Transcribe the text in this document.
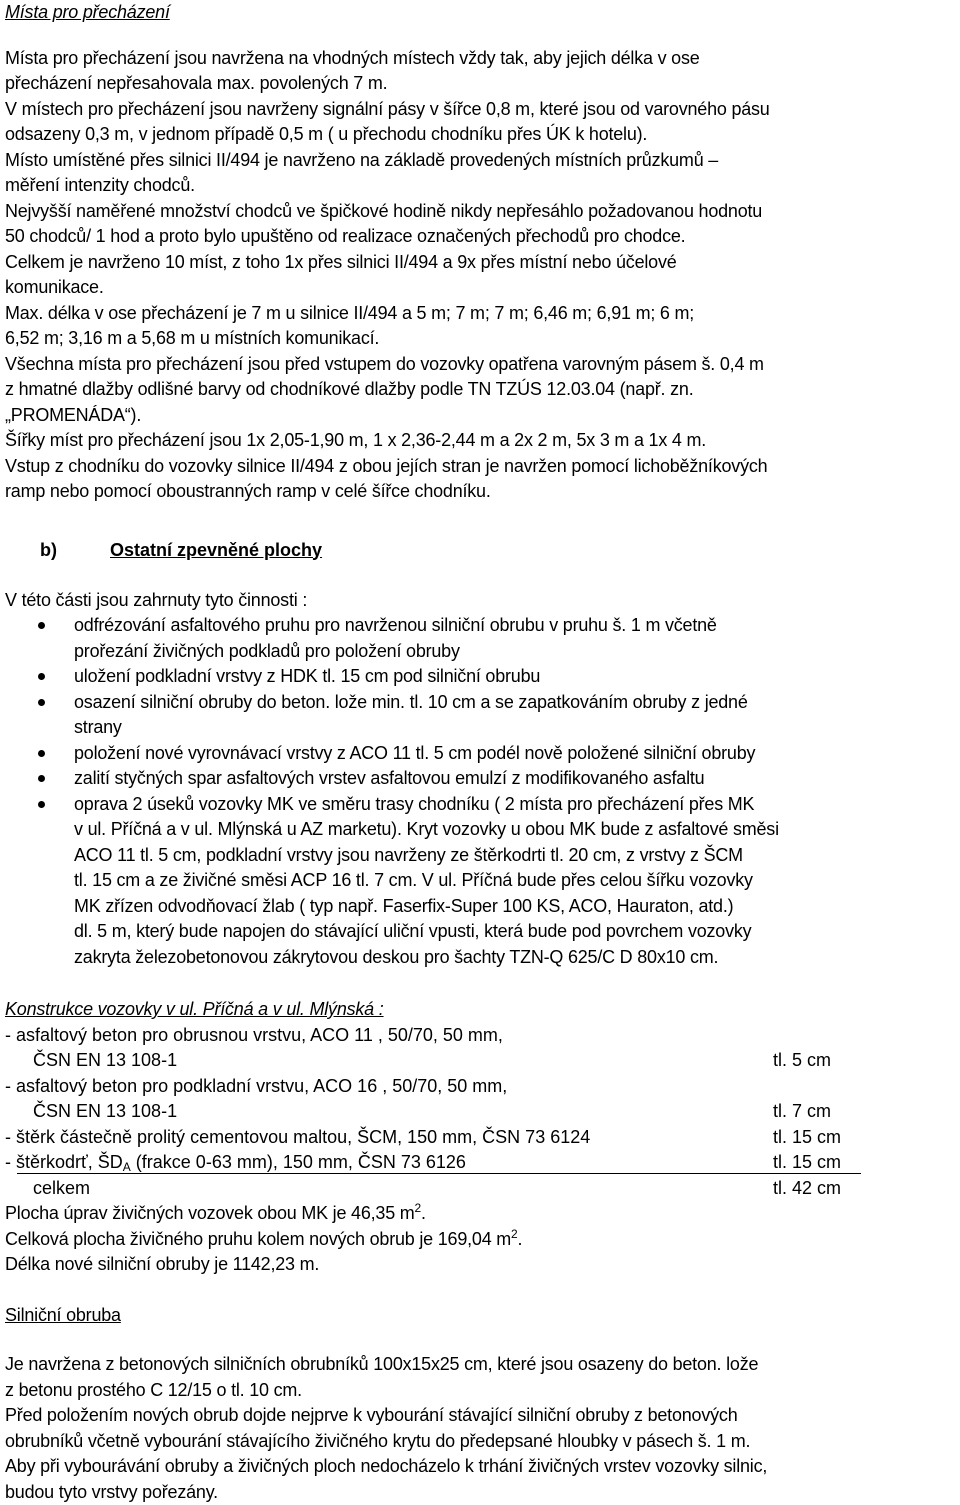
Místa pro přecházení
Místa pro přecházení jsou navržena na vhodných místech vždy tak, aby jejich délka v ose
přecházení nepřesahovala max. povolených 7 m.
V místech pro přecházení jsou navrženy signální pásy v šířce 0,8 m, které jsou od varovného pásu
odsazeny 0,3 m, v jednom případě 0,5 m ( u přechodu chodníku přes ÚK k hotelu).
Místo umístěné přes silnici II/494 je navrženo na základě provedených místních průzkumů –
měření intenzity chodců.
Nejvyšší naměřené množství chodců ve špičkové hodině nikdy nepřesáhlo požadovanou hodnotu
50 chodců/ 1 hod a proto bylo upuštěno od realizace označených přechodů pro chodce.
Celkem je navrženo 10 míst, z toho 1x přes silnici II/494 a 9x přes místní nebo účelové
komunikace.
Max. délka v ose přecházení je 7 m u silnice II/494 a 5 m; 7 m; 7 m; 6,46 m; 6,91 m; 6 m;
6,52 m; 3,16 m a 5,68 m u místních komunikací.
Všechna místa pro přecházení jsou před vstupem do vozovky opatřena varovným pásem š. 0,4 m
z hmatné dlažby odlišné barvy od chodníkové dlažby podle TN TZÚS 12.03.04 (např. zn.
„PROMENÁDA“).
Šířky míst pro přecházení jsou 1x 2,05-1,90 m, 1 x 2,36-2,44 m a 2x 2 m, 5x 3 m a 1x 4 m.
Vstup z chodníku do vozovky silnice II/494 z obou jejích stran je navržen pomocí lichoběžníkových
ramp nebo pomocí oboustranných ramp v celé šířce chodníku.
b)	Ostatní zpevněné plochy
V této části jsou zahrnuty tyto činnosti :
odfrézování asfaltového pruhu pro navrženou silniční obrubu v pruhu š. 1 m včetně
prořezání živičných podkladů pro položení obruby
uložení podkladní vrstvy z HDK tl. 15 cm pod silniční obrubu
osazení silniční obruby do beton. lože min. tl. 10 cm a se zapatkováním obruby z jedné
strany
položení nové vyrovnávací vrstvy z ACO 11 tl. 5 cm podél nově položené silniční obruby
zalití styčných spar asfaltových vrstev asfaltovou emulzí z modifikovaného asfaltu
oprava 2 úseků vozovky MK ve směru trasy chodníku ( 2 místa pro přecházení přes MK
v ul. Příčná a v ul. Mlýnská u AZ marketu). Kryt vozovky u obou MK bude z asfaltové směsi
ACO 11 tl. 5 cm, podkladní vrstvy jsou navrženy ze štěrkodrti tl. 20 cm, z vrstvy z ŠCM
tl. 15 cm a ze živičné směsi ACP 16 tl. 7 cm. V ul. Příčná bude přes celou šířku vozovky
MK zřízen odvodňovací žlab ( typ např. Faserfix-Super 100 KS, ACO, Hauraton, atd.)
dl. 5 m, který bude napojen do stávající uliční vpusti, která bude pod povrchem vozovky
zakryta železobetonovou zákrytovou deskou pro šachty TZN-Q 625/C D 80x10 cm.
Konstrukce vozovky v ul. Příčná a v ul. Mlýnská :
- asfaltový beton pro obrusnou vrstvu, ACO 11 , 50/70, 50 mm,
ČSN EN 13 108-1	tl. 5 cm
- asfaltový beton pro podkladní vrstvu, ACO 16 , 50/70, 50 mm,
ČSN EN 13 108-1	tl. 7 cm
- štěrk částečně prolitý cementovou maltou, ŠCM, 150 mm, ČSN 73 6124	tl. 15 cm
- štěrkodrť, $ŠD_A$ (frakce 0-63 mm), 150 mm, ČSN 73 6126	tl. 15 cm
celkem	tl. 42 cm
Plocha úprav živičných vozovek obou MK je 46,35 $m^2$.
Celková plocha živičného pruhu kolem nových obrub je 169,04 $m^2$.
Délka nové silniční obruby je 1142,23 m.
Silniční obruba
Je navržena z betonových silničních obrubníků 100x15x25 cm, které jsou osazeny do beton. lože
z betonu prostého C 12/15 o tl. 10 cm.
Před položením nových obrub dojde nejprve k vybourání stávající silniční obruby z betonových
obrubníků včetně vybourání stávajícího živičného krytu do předepsané hloubky v pásech š. 1 m.
Aby při vybourávání obruby a živičných ploch nedocházelo k trhání živičných vrstev vozovky silnic,
budou tyto vrstvy pořezány.
